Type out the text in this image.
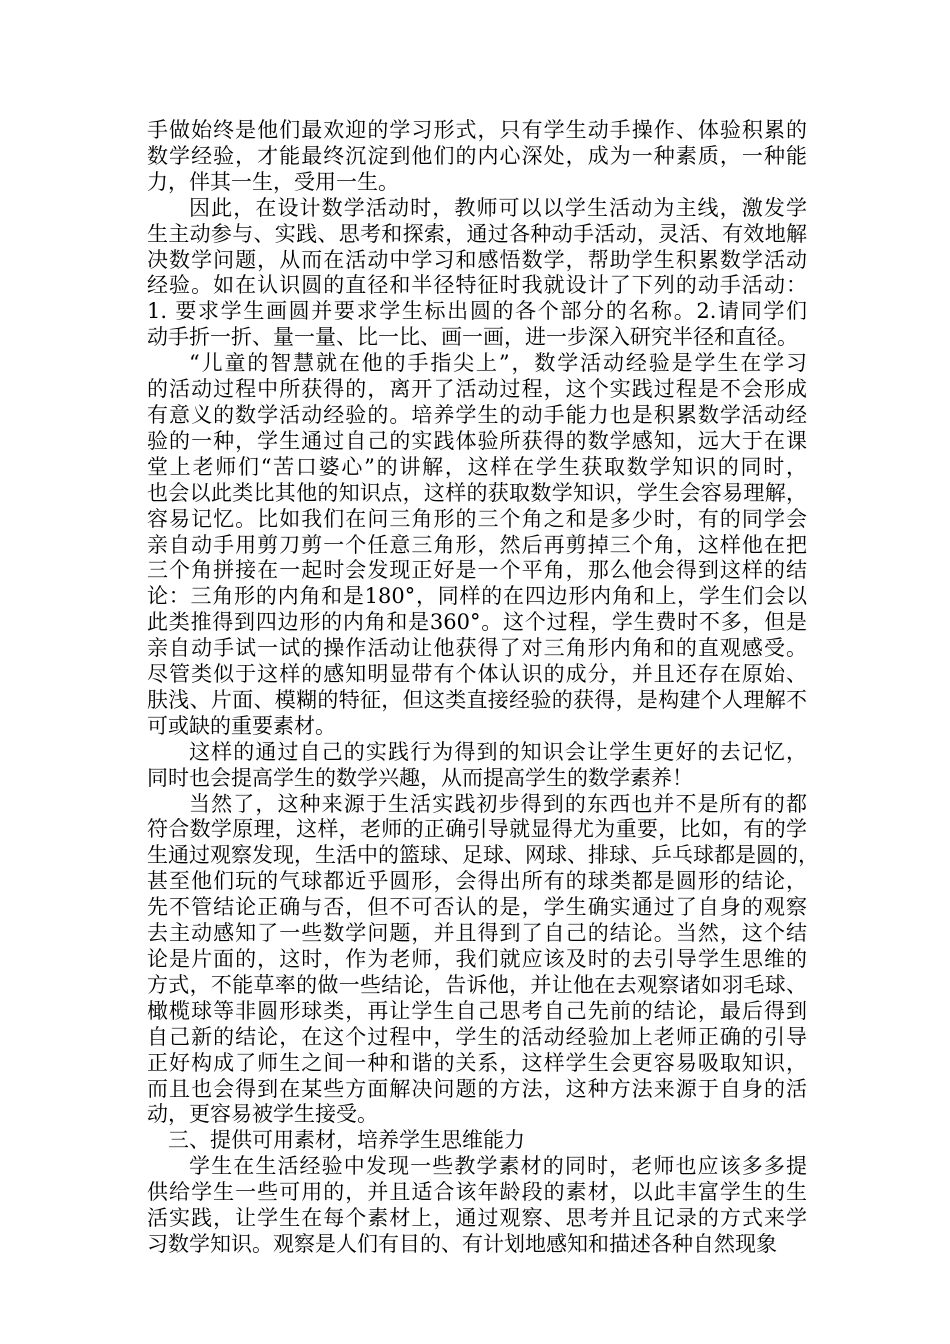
手做始终是他们最欢迎的学习形式，只有学生动手操作、体验积累的
数学经验，才能最终沉淀到他们的内心深处，成为一种素质，一种能
力，伴其一生，受用一生。
因此，在设计数学活动时，教师可以以学生活动为主线，激发学
生主动参与、实践、思考和探索，通过各种动手活动，灵活、有效地解
决数学问题，从而在活动中学习和感悟数学，帮助学生积累数学活动
经验。如在认识圆的直径和半径特征时我就设计了下列的动手活动：
1. 要求学生画圆并要求学生标出圆的各个部分的名称。2.请同学们
动手折一折、量一量、比一比、画一画，进一步深入研究半径和直径。
“儿童的智慧就在他的手指尖上”，数学活动经验是学生在学习
的活动过程中所获得的，离开了活动过程，这个实践过程是不会形成
有意义的数学活动经验的。培养学生的动手能力也是积累数学活动经
验的一种，学生通过自己的实践体验所获得的数学感知，远大于在课
堂上老师们“苦口婆心”的讲解，这样在学生获取数学知识的同时，
也会以此类比其他的知识点，这样的获取数学知识，学生会容易理解，
容易记忆。比如我们在问三角形的三个角之和是多少时，有的同学会
亲自动手用剪刀剪一个任意三角形，然后再剪掉三个角，这样他在把
三个角拼接在一起时会发现正好是一个平角，那么他会得到这样的结
论：三角形的内角和是180°，同样的在四边形内角和上，学生们会以
此类推得到四边形的内角和是360°。这个过程，学生费时不多，但是
亲自动手试一试的操作活动让他获得了对三角形内角和的直观感受。
尽管类似于这样的感知明显带有个体认识的成分，并且还存在原始、
肤浅、片面、模糊的特征，但这类直接经验的获得，是构建个人理解不
可或缺的重要素材。
这样的通过自己的实践行为得到的知识会让学生更好的去记忆，
同时也会提高学生的数学兴趣，从而提高学生的数学素养！
当然了，这种来源于生活实践初步得到的东西也并不是所有的都
符合数学原理，这样，老师的正确引导就显得尤为重要，比如，有的学
生通过观察发现，生活中的篮球、足球、网球、排球、乒乓球都是圆的，
甚至他们玩的气球都近乎圆形，会得出所有的球类都是圆形的结论，
先不管结论正确与否，但不可否认的是，学生确实通过了自身的观察
去主动感知了一些数学问题，并且得到了自己的结论。当然，这个结
论是片面的，这时，作为老师，我们就应该及时的去引导学生思维的
方式，不能草率的做一些结论，告诉他，并让他在去观察诸如羽毛球、
橄榄球等非圆形球类，再让学生自己思考自己先前的结论，最后得到
自己新的结论，在这个过程中，学生的活动经验加上老师正确的引导
正好构成了师生之间一种和谐的关系，这样学生会更容易吸取知识，
而且也会得到在某些方面解决问题的方法，这种方法来源于自身的活
动，更容易被学生接受。
三、提供可用素材，培养学生思维能力
学生在生活经验中发现一些教学素材的同时，老师也应该多多提
供给学生一些可用的，并且适合该年龄段的素材，以此丰富学生的生
活实践，让学生在每个素材上，通过观察、思考并且记录的方式来学
习数学知识。观察是人们有目的、有计划地感知和描述各种自然现象
